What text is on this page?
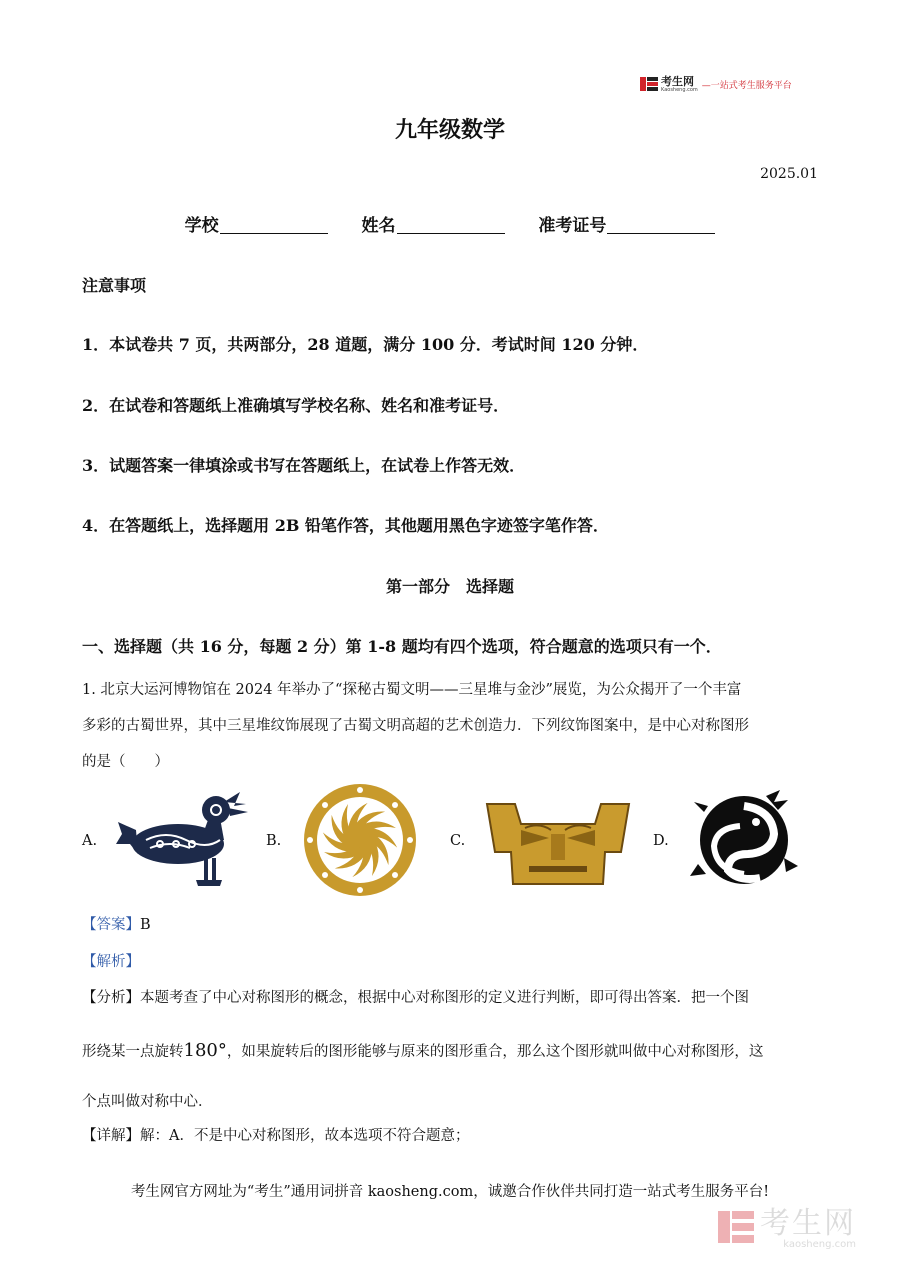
考生网
Kaosheng.com —一站式考生服务平台
九年级数学
2025.01
学校	姓名	准考证号
注意事项
1．本试卷共 7 页，共两部分，28 道题，满分 100 分．考试时间 120 分钟．
2．在试卷和答题纸上准确填写学校名称、姓名和准考证号．
3．试题答案一律填涂或书写在答题纸上，在试卷上作答无效．
4．在答题纸上，选择题用 2B 铅笔作答，其他题用黑色字迹签字笔作答．
第一部分　选择题
一、选择题（共 16 分，每题 2 分）第 1-8 题均有四个选项，符合题意的选项只有一个．
1. 北京大运河博物馆在 2024 年举办了“探秘古蜀文明——三星堆与金沙”展览，为公众揭开了一个丰富
多彩的古蜀世界，其中三星堆纹饰展现了古蜀文明高超的艺术创造力．下列纹饰图案中，是中心对称图形
的是（　　）
A.	B.	C.	D.
【答案】B
【解析】
【分析】本题考查了中心对称图形的概念，根据中心对称图形的定义进行判断，即可得出答案．把一个图
形绕某一点旋转180°，如果旋转后的图形能够与原来的图形重合，那么这个图形就叫做中心对称图形，这
个点叫做对称中心．
【详解】解：A．不是中心对称图形，故本选项不符合题意；
考生网官方网址为“考生”通用词拼音 kaosheng.com，诚邀合作伙伴共同打造一站式考生服务平台!
考生网
kaosheng.com
